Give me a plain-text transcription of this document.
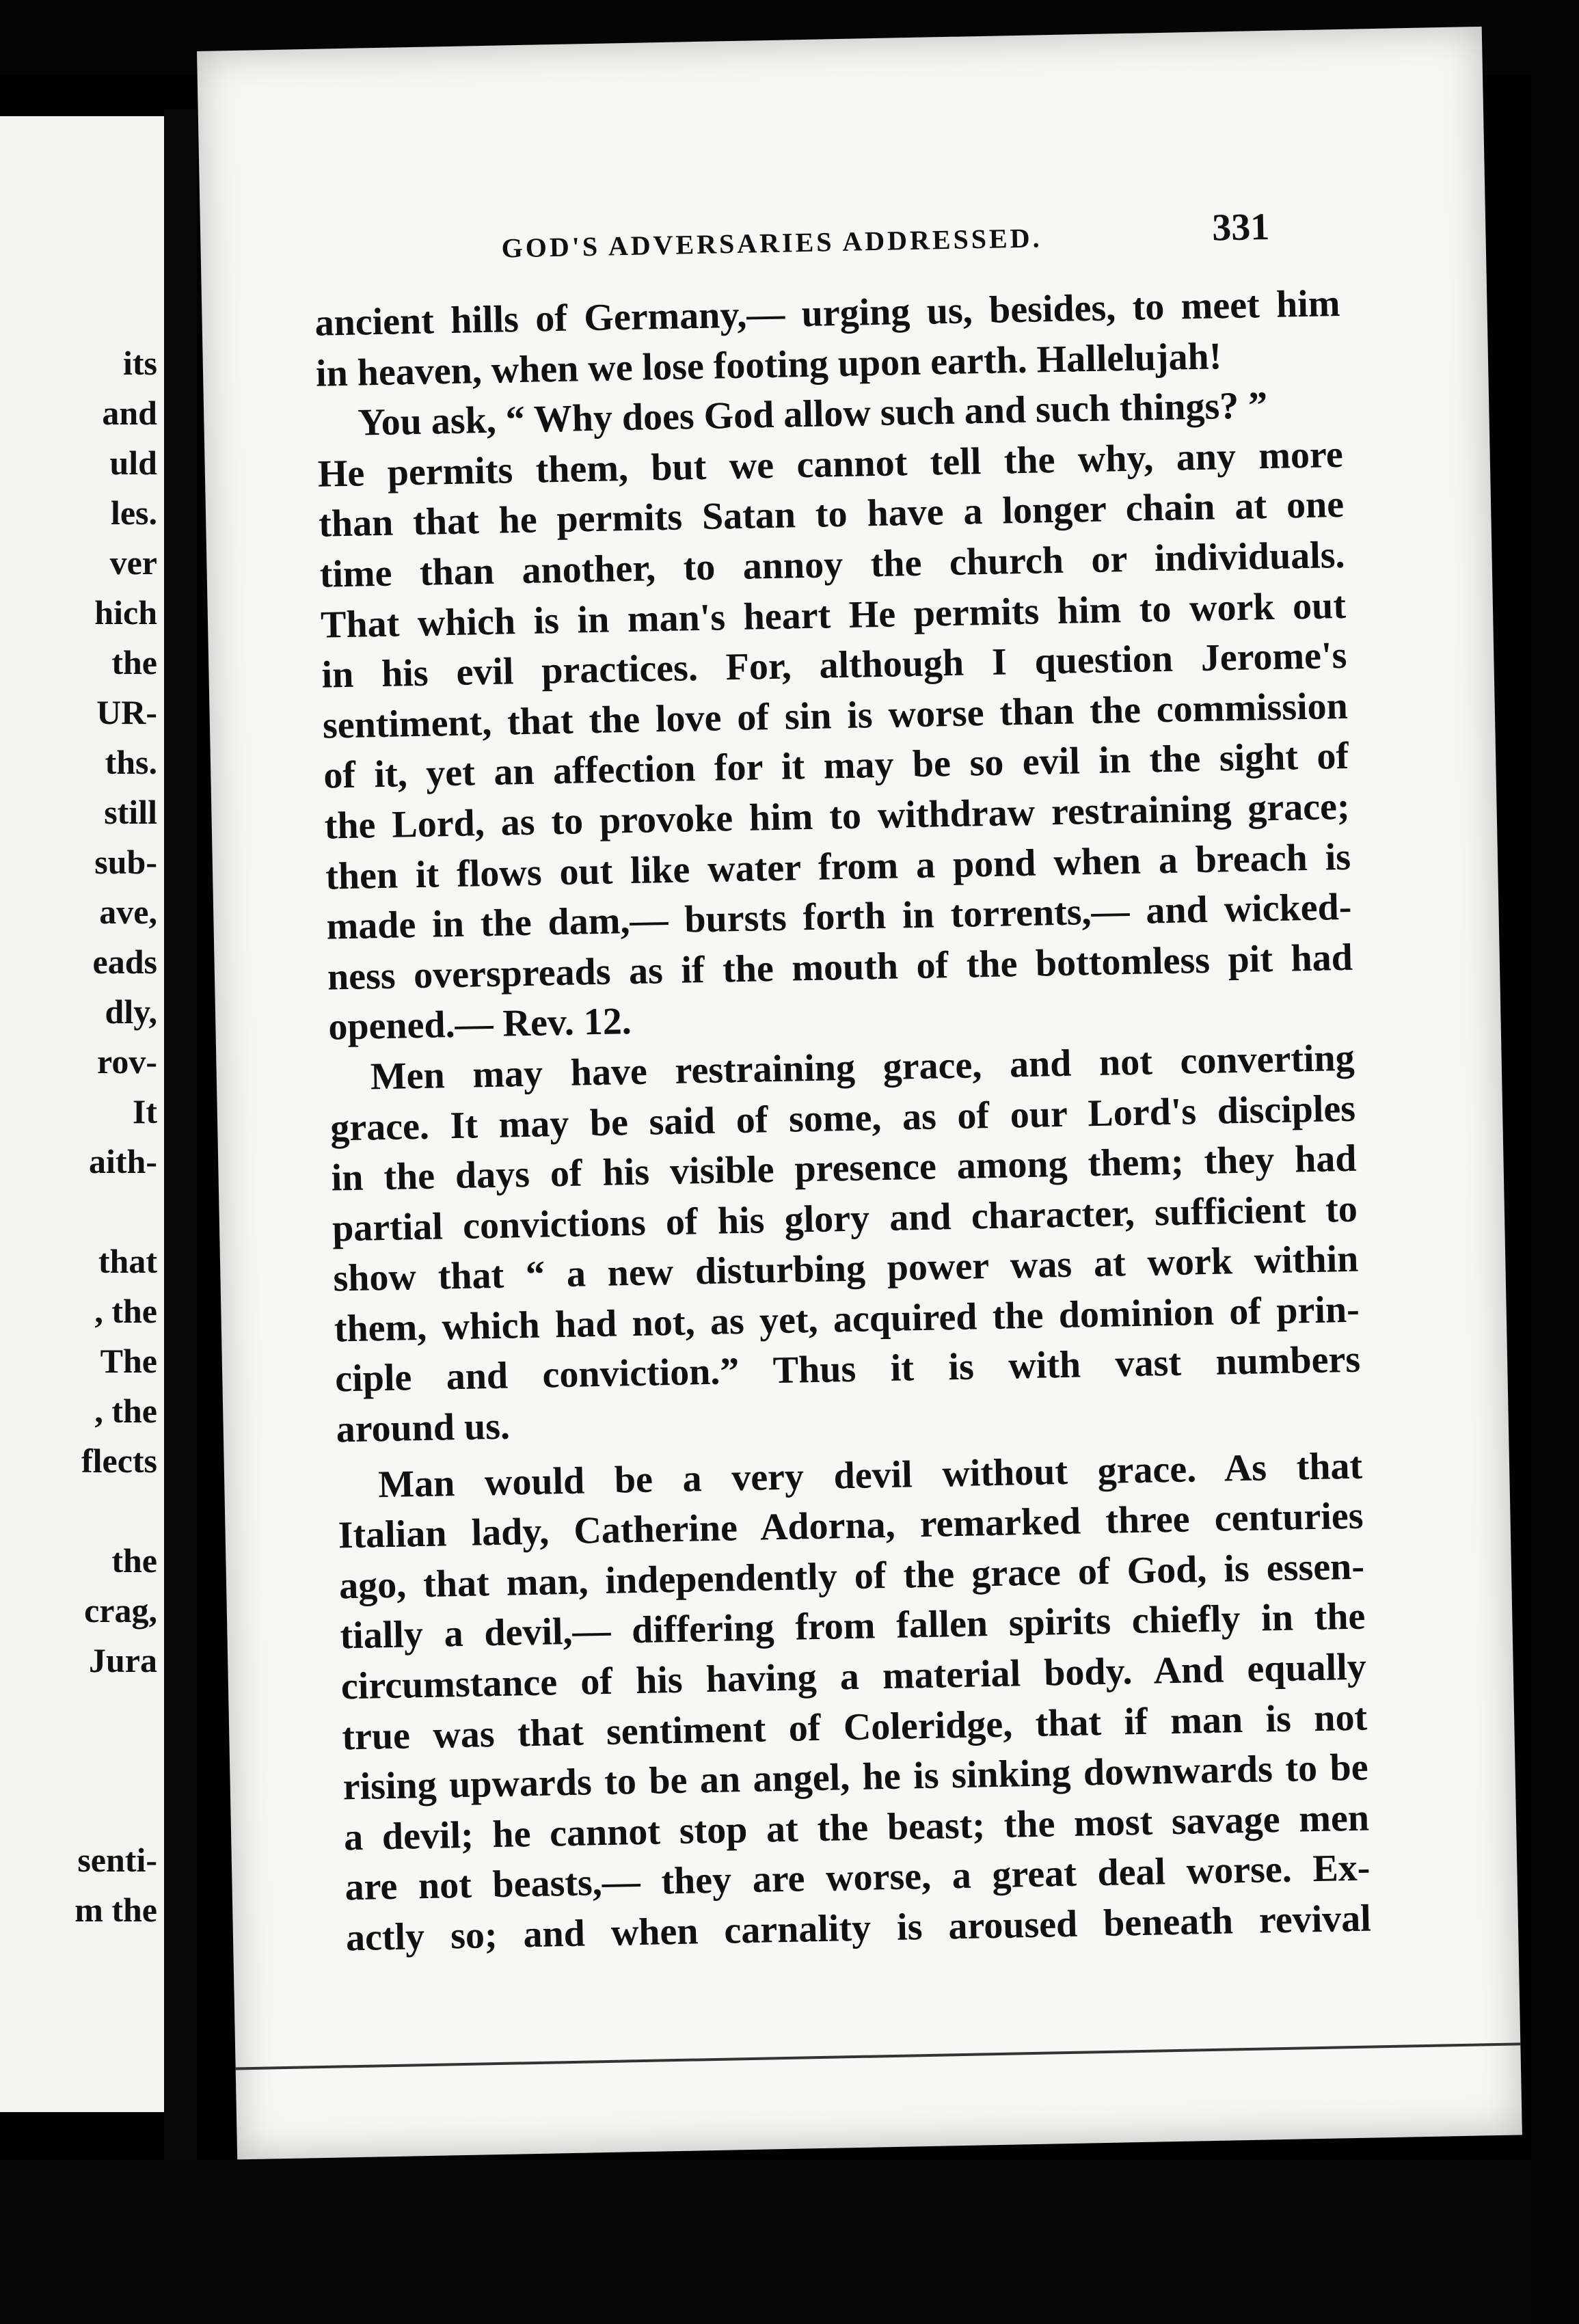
its
and
uld
les.
ver
hich
the
UR-
ths.
still
sub-
ave,
eads
dly,
rov-
It
aith-

that
, the
The
, the
flects

the
crag,
Jura

senti-
m the
GOD'S ADVERSARIES ADDRESSED.	331
ancient hills of Germany,— urging us, besides, to meet him
in heaven, when we lose footing upon earth. Hallelujah!
You ask, “ Why does God allow such and such things? ”
He permits them, but we cannot tell the why, any more
than that he permits Satan to have a longer chain at one
time than another, to annoy the church or individuals.
That which is in man's heart He permits him to work out
in his evil practices. For, although I question Jerome's
sentiment, that the love of sin is worse than the commission
of it, yet an affection for it may be so evil in the sight of
the Lord, as to provoke him to withdraw restraining grace;
then it flows out like water from a pond when a breach is
made in the dam,— bursts forth in torrents,— and wicked-
ness overspreads as if the mouth of the bottomless pit had
opened.— Rev. 12.
Men may have restraining grace, and not converting
grace. It may be said of some, as of our Lord's disciples
in the days of his visible presence among them; they had
partial convictions of his glory and character, sufficient to
show that “ a new disturbing power was at work within
them, which had not, as yet, acquired the dominion of prin-
ciple and conviction.” Thus it is with vast numbers
around us.
Man would be a very devil without grace. As that
Italian lady, Catherine Adorna, remarked three centuries
ago, that man, independently of the grace of God, is essen-
tially a devil,— differing from fallen spirits chiefly in the
circumstance of his having a material body. And equally
true was that sentiment of Coleridge, that if man is not
rising upwards to be an angel, he is sinking downwards to be
a devil; he cannot stop at the beast; the most savage men
are not beasts,— they are worse, a great deal worse. Ex-
actly so; and when carnality is aroused beneath revival
